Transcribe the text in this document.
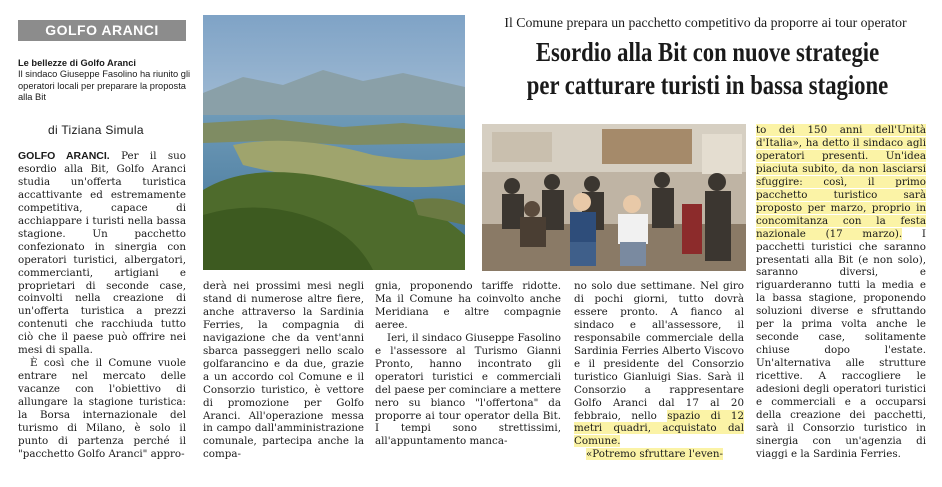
GOLFO ARANCI
Le bellezze di Golfo Aranci
Il sindaco Giuseppe Fasolino ha riunito gli operatori locali per preparare la proposta alla Bit
di Tiziana Simula
Il Comune prepara un pacchetto competitivo da proporre ai tour operator
Esordio alla Bit con nuove strategie
per catturare turisti in bassa stagione

GOLFO ARANCI. Per il suo esordio alla Bit, Golfo Aranci studia un'offerta turistica accattivante ed estremamente competitiva, capace di acchiappare i turisti nella bassa stagione. Un pacchetto confezionato in sinergia con operatori turistici, albergatori, commercianti, artigiani e proprietari di seconde case, coinvolti nella creazione di un'offerta turistica a prezzi contenuti che racchiuda tutto ciò che il paese può offrire nei mesi di spalla.

È così che il Comune vuole entrare nel mercato delle vacanze con l'obiettivo di allungare la stagione turistica: la Borsa internazionale del turismo di Milano, è solo il punto di partenza perché il "pacchetto Golfo Aranci" appro-

derà nei prossimi mesi negli stand di numerose altre fiere, anche attraverso la Sardinia Ferries, la compagnia di navigazione che da vent'anni sbarca passeggeri nello scalo golfarancino e da due, grazie a un accordo col Comune e il Consorzio turistico, è vettore di promozione per Golfo Aranci. All'operazione messa in campo dall'amministrazione comunale, partecipa anche la compa-

gnia, proponendo tariffe ridotte. Ma il Comune ha coinvolto anche Meridiana e altre compagnie aeree.

Ieri, il sindaco Giuseppe Fasolino e l'assessore al Turismo Gianni Pronto, hanno incontrato gli operatori turistici e commerciali del paese per cominciare a mettere nero su bianco "l'offertona" da proporre ai tour operator della Bit. I tempi sono strettissimi, all'appuntamento manca-

no solo due settimane. Nel giro di pochi giorni, tutto dovrà essere pronto. A fianco al sindaco e all'assessore, il responsabile commerciale della Sardinia Ferries Alberto Viscovo e il presidente del Consorzio turistico Gianluigi Sias. Sarà il Consorzio a rappresentare Golfo Aranci dal 17 al 20 febbraio, nello spazio di 12 metri quadri, acquistato dal Comune.

«Potremo sfruttare l'even-

to dei 150 anni dell'Unità d'Italia», ha detto il sindaco agli operatori presenti. Un'idea piaciuta subito, da non lasciarsi sfuggire: così, il primo pacchetto turistico sarà proposto per marzo, proprio in concomitanza con la festa nazionale (17 marzo). I pacchetti turistici che saranno presentati alla Bit (e non solo), saranno diversi, e riguarderanno tutti la media e la bassa stagione, proponendo soluzioni diverse e sfruttando per la prima volta anche le seconde case, solitamente chiuse dopo l'estate. Un'alternativa alle strutture ricettive. A raccogliere le adesioni degli operatori turistici e commerciali e a occuparsi della creazione dei pacchetti, sarà il Consorzio turistico in sinergia con un'agenzia di viaggi e la Sardinia Ferries.
